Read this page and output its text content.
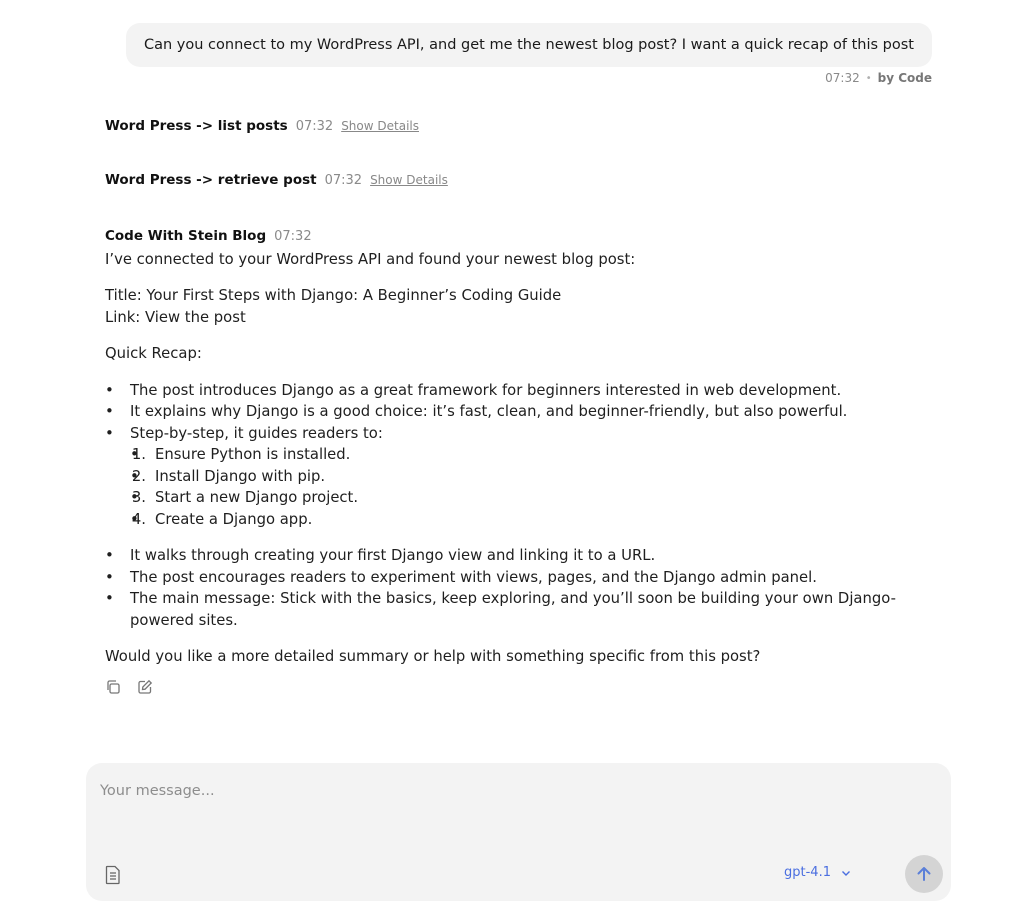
Can you connect to my WordPress API, and get me the newest blog post? I want a quick recap of this post
07:32 • by Code
Word Press -> list posts 07:32 Show Details
Word Press -> retrieve post 07:32 Show Details
Code With Stein Blog 07:32

I’ve connected to your WordPress API and found your newest blog post:

Title: Your First Steps with Django: A Beginner’s Coding Guide

Link: View the post

Quick Recap:

• The post introduces Django as a great framework for beginners interested in web development.
• It explains why Django is a good choice: it’s fast, clean, and beginner-friendly, but also powerful.
• Step-by-step, it guides readers to:
• 1. Ensure Python is installed.
• 2. Install Django with pip.
• 3. Start a new Django project.
• 4. Create a Django app.
• It walks through creating your first Django view and linking it to a URL.
• The post encourages readers to experiment with views, pages, and the Django admin panel.
• The main message: Stick with the basics, keep exploring, and you’ll soon be building your own Django-powered sites.

Would you like a more detailed summary or help with something specific from this post?

Your message...
gpt-4.1
